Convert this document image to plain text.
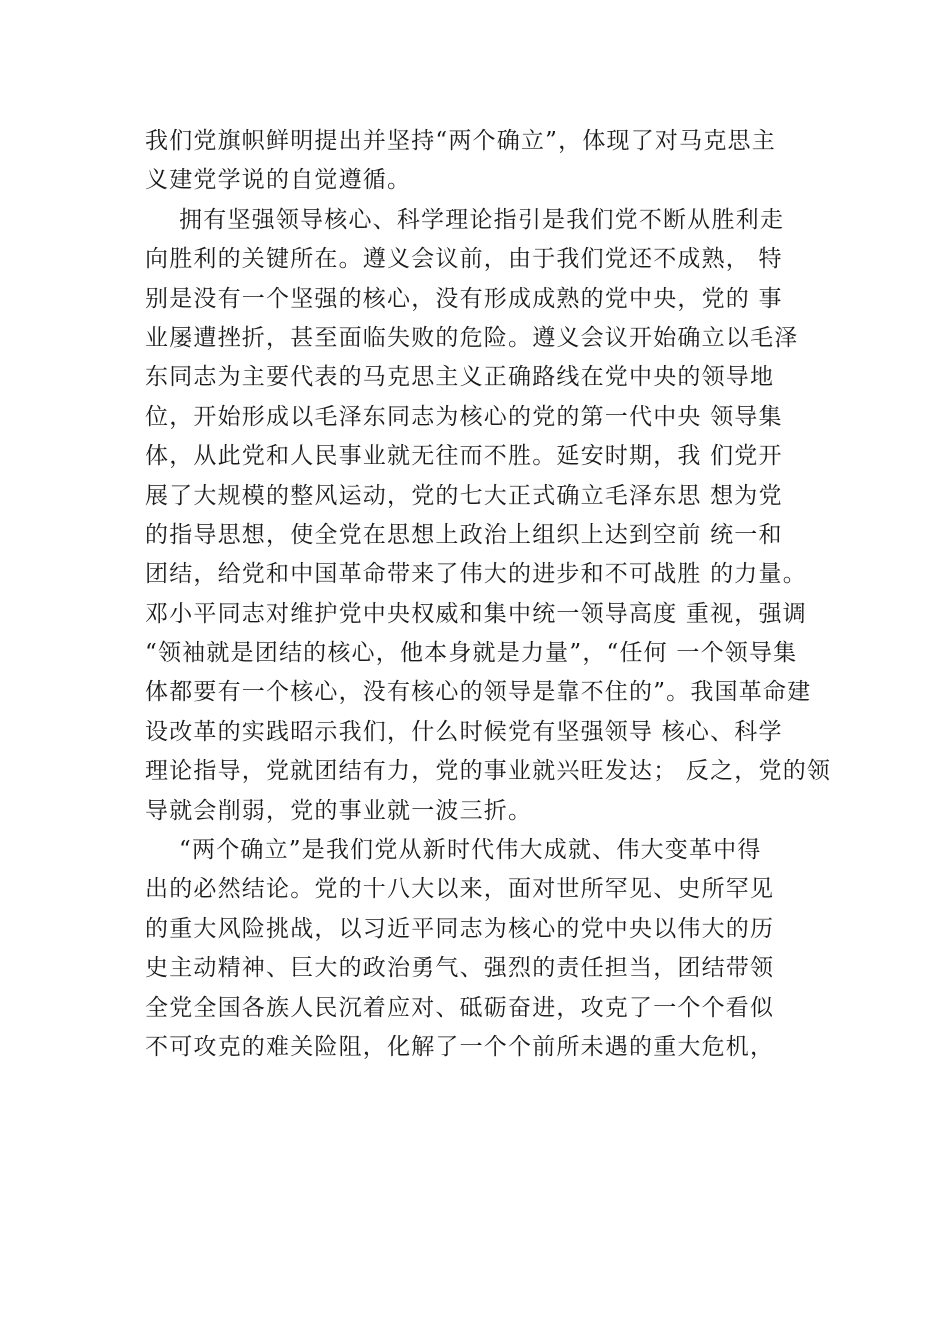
我们党旗帜鲜明提出并坚持“两个确立”，体现了对马克思主
义建党学说的自觉遵循。
拥有坚强领导核心、科学理论指引是我们党不断从胜利走
向胜利的关键所在。遵义会议前，由于我们党还不成熟， 特
别是没有一个坚强的核心，没有形成成熟的党中央，党的 事
业屡遭挫折，甚至面临失败的危险。遵义会议开始确立以毛泽
东同志为主要代表的马克思主义正确路线在党中央的领导地
位，开始形成以毛泽东同志为核心的党的第一代中央 领导集
体，从此党和人民事业就无往而不胜。延安时期，我 们党开
展了大规模的整风运动，党的七大正式确立毛泽东思 想为党
的指导思想，使全党在思想上政治上组织上达到空前 统一和
团结，给党和中国革命带来了伟大的进步和不可战胜 的力量。
邓小平同志对维护党中央权威和集中统一领导高度 重视，强调
“领袖就是团结的核心，他本身就是力量”，“任何 一个领导集
体都要有一个核心，没有核心的领导是靠不住的”。我国革命建
设改革的实践昭示我们，什么时候党有坚强领导 核心、科学
理论指导，党就团结有力，党的事业就兴旺发达； 反之，党的领
导就会削弱，党的事业就一波三折。
“两个确立”是我们党从新时代伟大成就、伟大变革中得
出的必然结论。党的十八大以来，面对世所罕见、史所罕见
的重大风险挑战，以习近平同志为核心的党中央以伟大的历
史主动精神、巨大的政治勇气、强烈的责任担当，团结带领
全党全国各族人民沉着应对、砥砺奋进，攻克了一个个看似
不可攻克的难关险阻，化解了一个个前所未遇的重大危机，
